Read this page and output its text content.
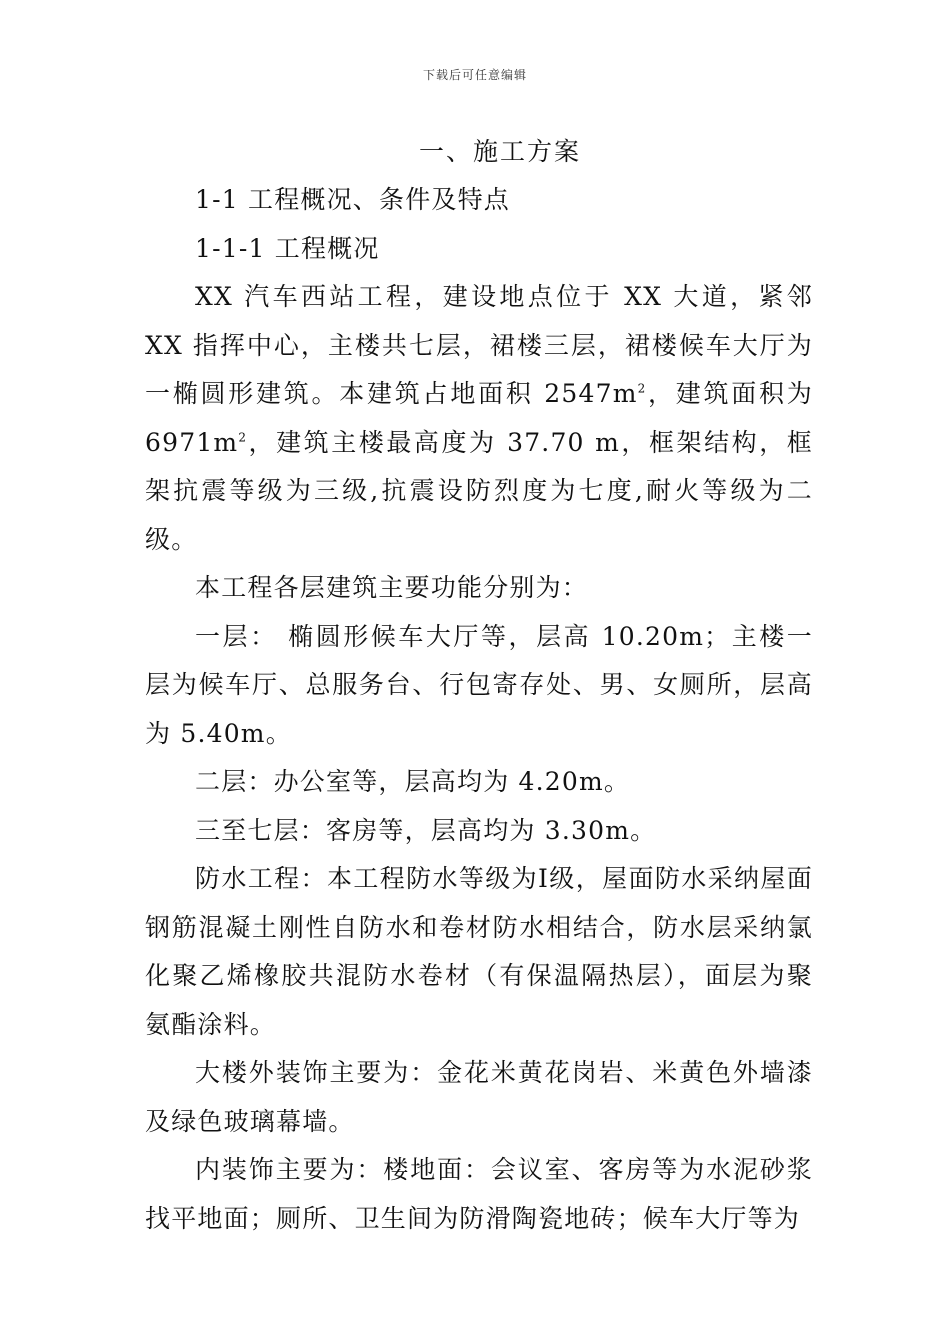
下载后可任意编辑
一、施工方案

1-1 工程概况、条件及特点

1-1-1 工程概况

XX 汽车西站工程，建设地点位于 XX 大道，紧邻 XX 指挥中心，主楼共七层，裙楼三层，裙楼候车大厅为一椭圆形建筑。本建筑占地面积 $2547m^2$，建筑面积为 $6971m^2$，建筑主楼最高度为 37.70 m，框架结构，框架抗震等级为三级,抗震设防烈度为七度,耐火等级为二级。

本工程各层建筑主要功能分别为：

一层： 椭圆形候车大厅等，层高 10.20m；主楼一层为候车厅、总服务台、行包寄存处、男、女厕所，层高为 5.40m。

二层：办公室等，层高均为 4.20m。

三至七层：客房等，层高均为 3.30m。

防水工程：本工程防水等级为Ⅰ级，屋面防水采纳屋面钢筋混凝土刚性自防水和卷材防水相结合，防水层采纳氯化聚乙烯橡胶共混防水卷材（有保温隔热层），面层为聚氨酯涂料。

大楼外装饰主要为：金花米黄花岗岩、米黄色外墙漆及绿色玻璃幕墙。

内装饰主要为：楼地面：会议室、客房等为水泥砂浆找平地面；厕所、卫生间为防滑陶瓷地砖；候车大厅等为
